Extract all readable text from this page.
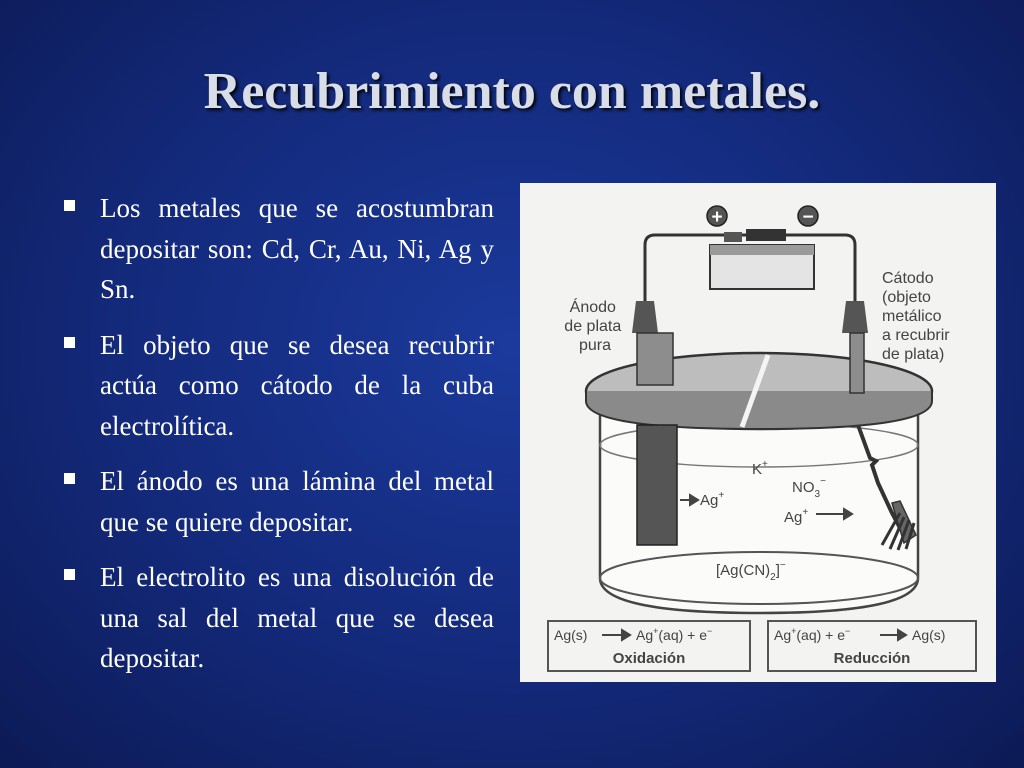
Recubrimiento con metales.
Los metales que se acostumbran depositar son: Cd, Cr, Au, Ni, Ag y Sn.
El objeto que se desea recubrir actúa como cátodo de la cuba electrolítica.
El ánodo es una lámina del metal que se quiere depositar.
El electrolito es una disolución de una sal del metal que se desea depositar.
+	−
Ánodo de plata pura
Cátodo (objeto metálico a recubrir de plata)
K+
$NO_3^-$
Ag+
Ag+
$[Ag(CN)_2]^-$
Ag(s)	Ag+(aq) + e−
Oxidación
Ag+(aq) + e−	Ag(s)
Reducción
